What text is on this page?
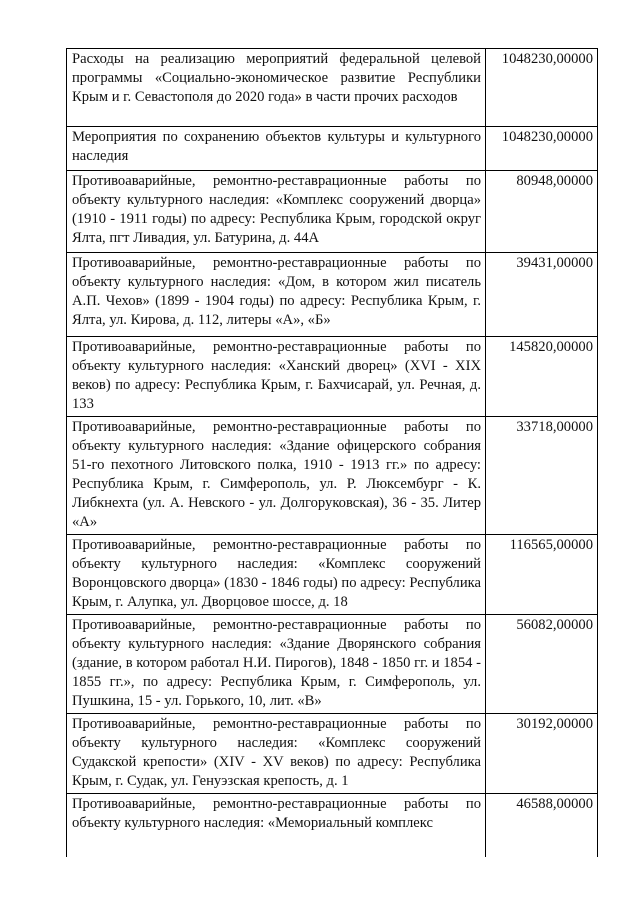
Расходы на реализацию мероприятий федеральной целевой программы «Социально-экономическое развитие Республики Крым и г. Севастополя до 2020 года» в части прочих расходов	1048230,00000
Мероприятия по сохранению объектов культуры и культурного наследия	1048230,00000
Противоаварийные, ремонтно-реставрационные работы по объекту культурного наследия: «Комплекс сооружений дворца» (1910 - 1911 годы) по адресу: Республика Крым, городской округ Ялта, пгт Ливадия, ул. Батурина, д. 44А	80948,00000
Противоаварийные, ремонтно-реставрационные работы по объекту культурного наследия: «Дом, в котором жил писатель А.П. Чехов» (1899 - 1904 годы) по адресу: Республика Крым, г. Ялта, ул. Кирова, д. 112, литеры «А», «Б»	39431,00000
Противоаварийные, ремонтно-реставрационные работы по объекту культурного наследия: «Ханский дворец» (XVI - XIX веков) по адресу: Республика Крым, г. Бахчисарай, ул. Речная, д. 133	145820,00000
Противоаварийные, ремонтно-реставрационные работы по объекту культурного наследия: «Здание офицерского собрания 51-го пехотного Литовского полка, 1910 - 1913 гг.» по адресу: Республика Крым, г. Симферополь, ул. Р. Люксембург - К. Либкнехта (ул. А. Невского - ул. Долгоруковская), 36 - 35. Литер «А»	33718,00000
Противоаварийные, ремонтно-реставрационные работы по объекту культурного наследия: «Комплекс сооружений Воронцовского дворца» (1830 - 1846 годы) по адресу: Республика Крым, г. Алупка, ул. Дворцовое шоссе, д. 18	116565,00000
Противоаварийные, ремонтно-реставрационные работы по объекту культурного наследия: «Здание Дворянского собрания (здание, в котором работал Н.И. Пирогов), 1848 - 1850 гг. и 1854 - 1855 гг.», по адресу: Республика Крым, г. Симферополь, ул. Пушкина, 15 - ул. Горького, 10, лит. «В»	56082,00000
Противоаварийные, ремонтно-реставрационные работы по объекту культурного наследия: «Комплекс сооружений Судакской крепости» (XIV - XV веков) по адресу: Республика Крым, г. Судак, ул. Генуэзская крепость, д. 1	30192,00000
Противоаварийные, ремонтно-реставрационные работы по объекту культурного наследия: «Мемориальный комплекс	46588,00000
